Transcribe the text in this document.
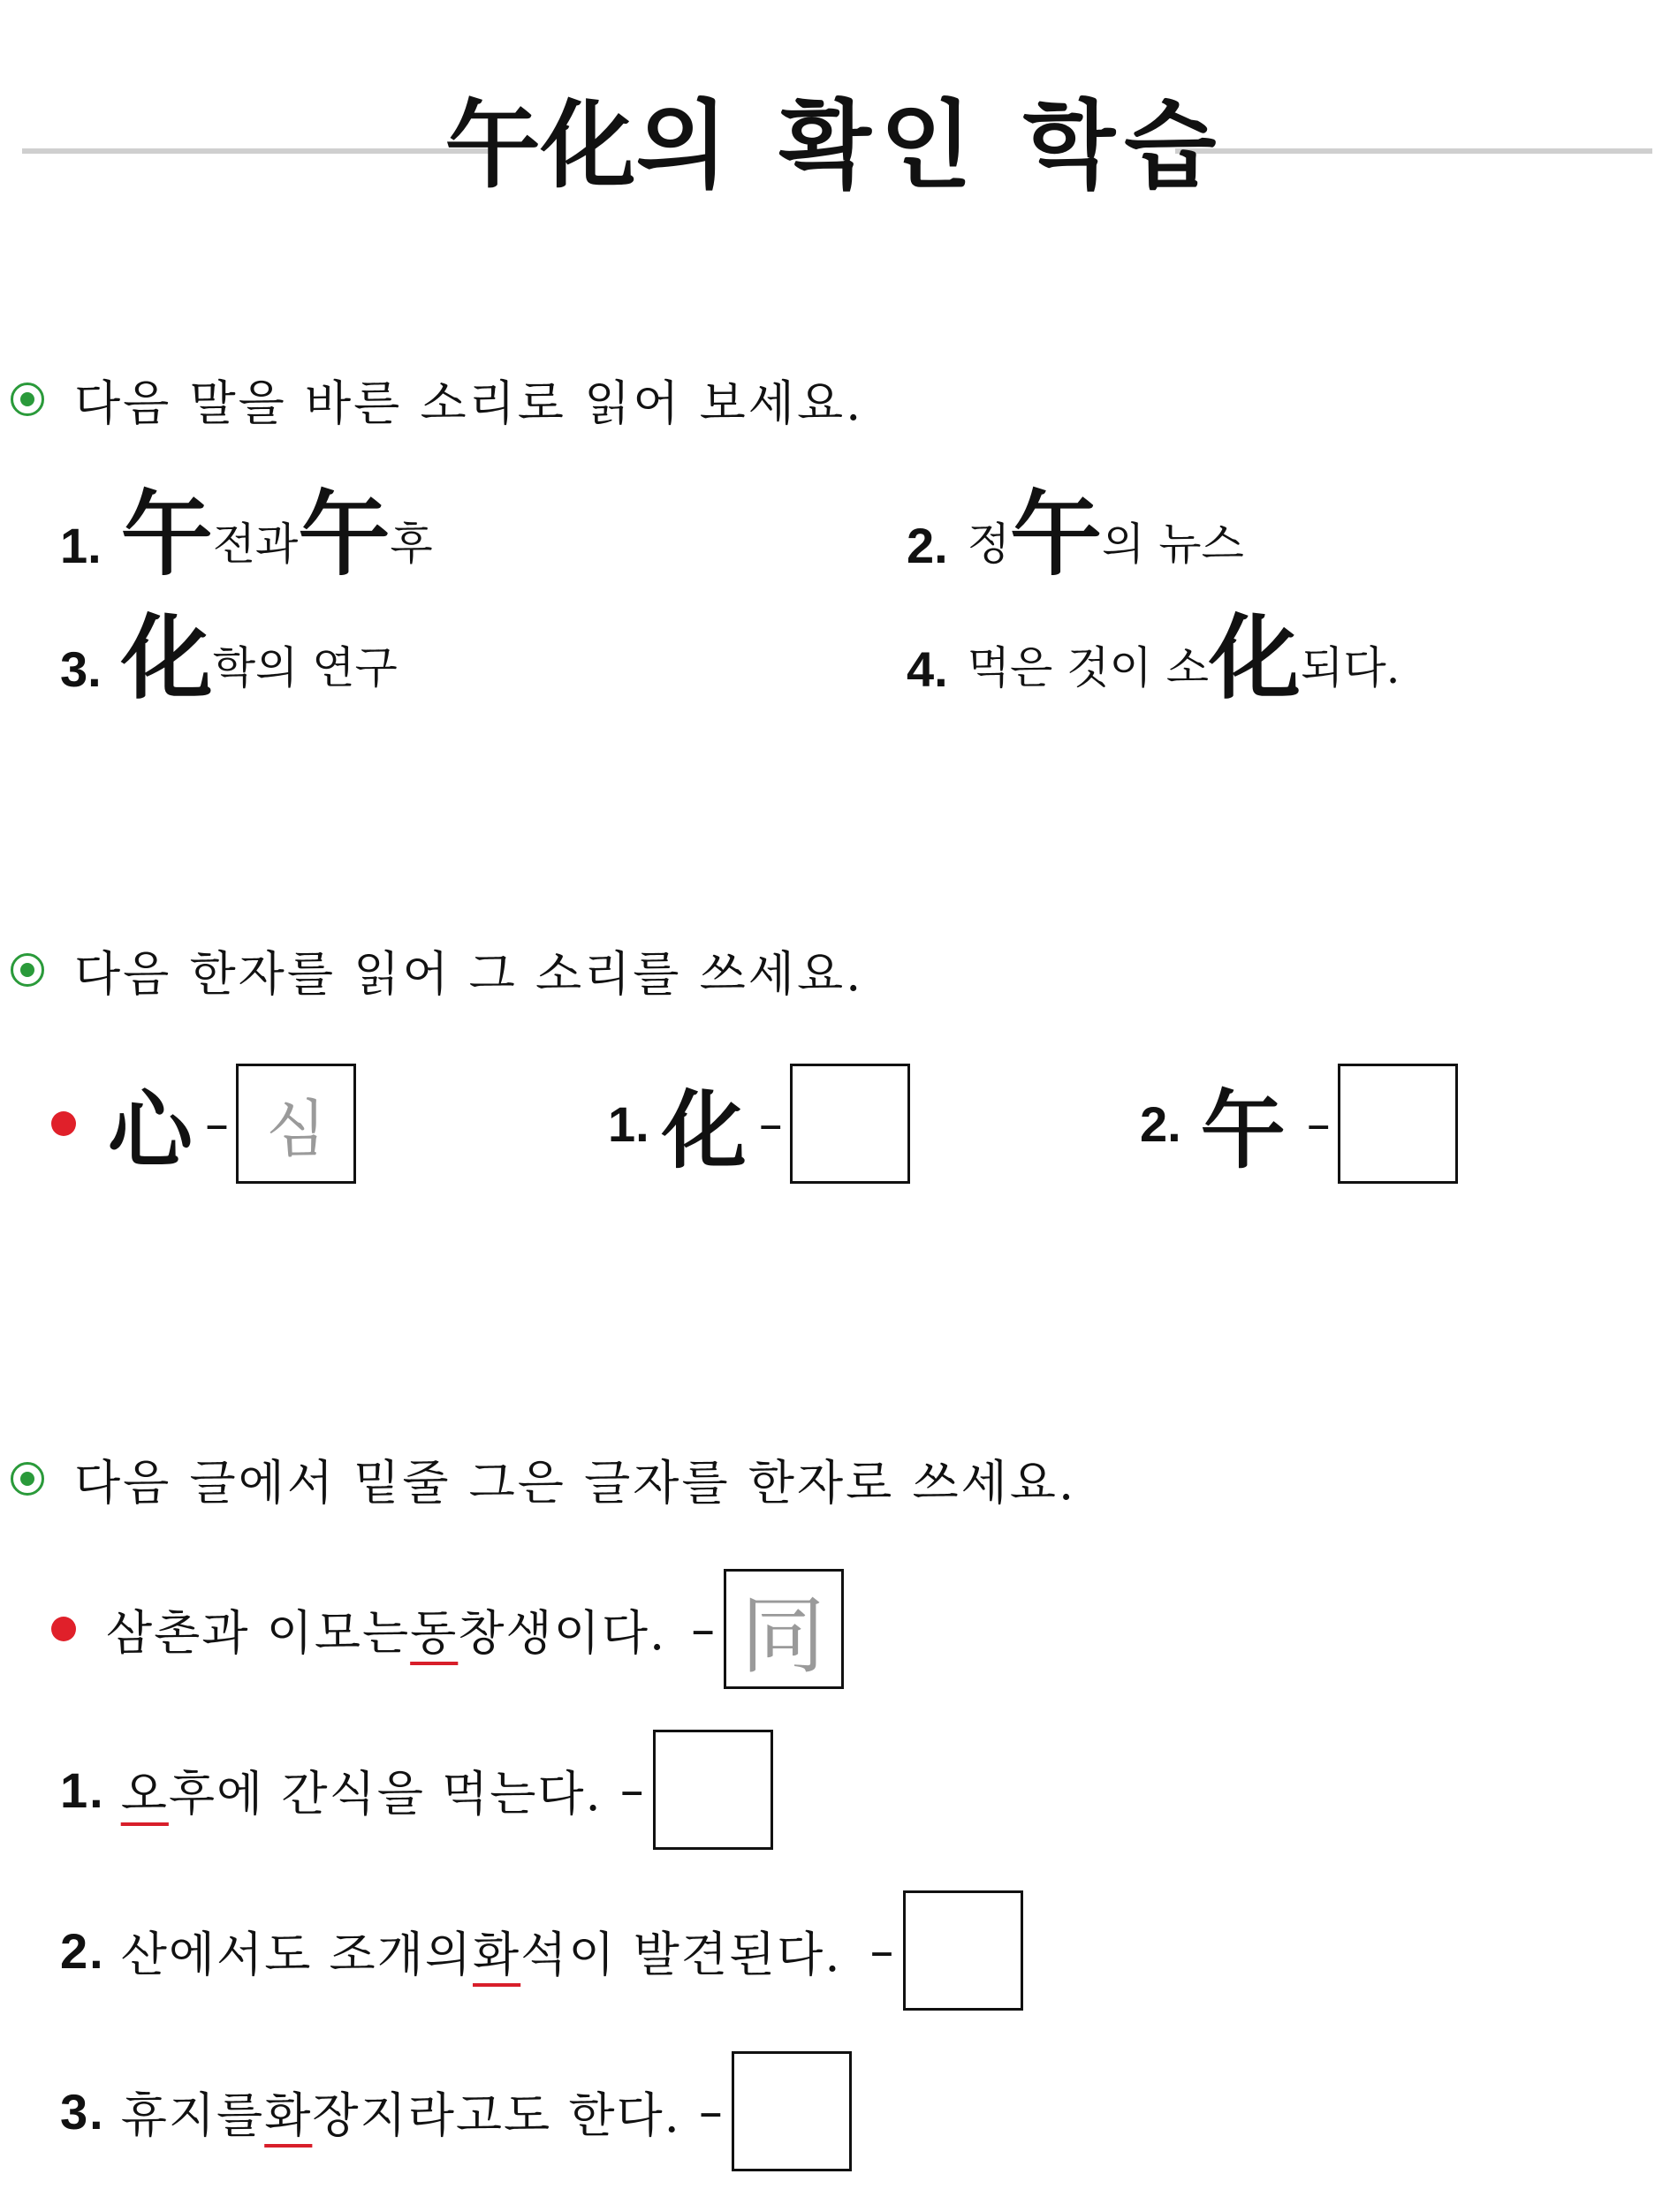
午化의 확인 학습
다음 말을 바른 소리로 읽어 보세요.
1. 午 전과 午 후	2. 정 午 의 뉴스
3. 化 학의 연구	4. 먹은 것이 소 化 되다.
다음 한자를 읽어 그 소리를 쓰세요.
心 – 심	1. 化 –	2. 午 –
다음 글에서 밑줄 그은 글자를 한자로 쓰세요.
삼촌과 이모는 동 창생이다. – 同
1. 오 후에 간식을 먹는다. –
2. 산에서도 조개의 화 석이 발견된다. –
3. 휴지를 화 장지라고도 한다. –
